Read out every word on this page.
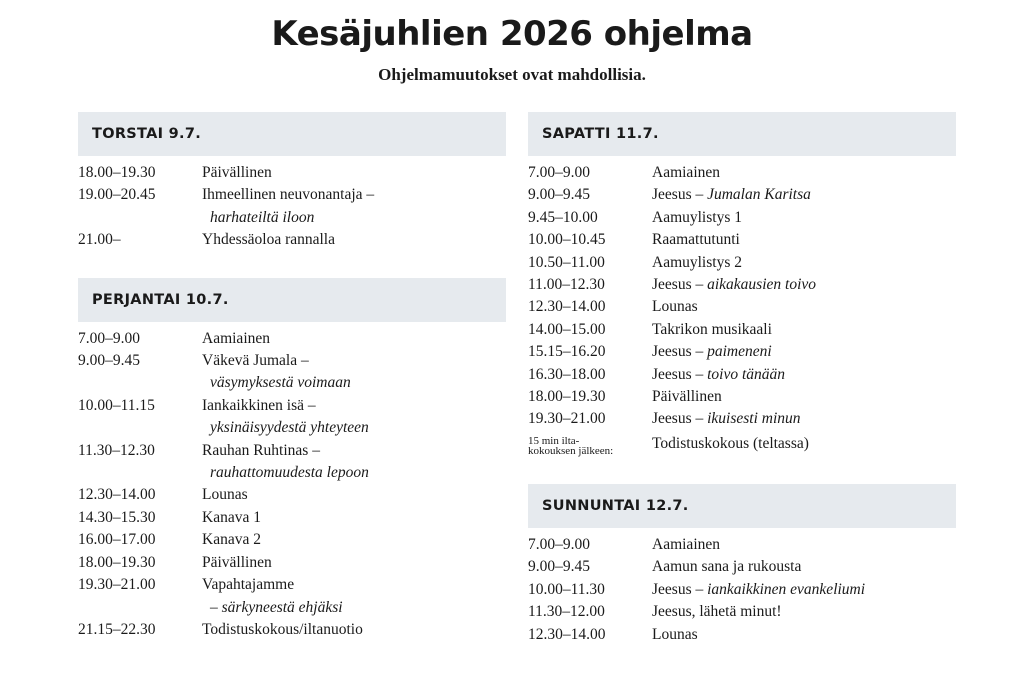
Kesäjuhlien 2026 ohjelma
Ohjelmamuutokset ovat mahdollisia.
TORSTAI 9.7.
18.00–19.30	Päivällinen
19.00–20.45	Ihmeellinen neuvonantaja –
harhateiltä iloon
21.00–	Yhdessäoloa rannalla
PERJANTAI 10.7.
7.00–9.00	Aamiainen
9.00–9.45	Väkevä Jumala –
väsymyksestä voimaan
10.00–11.15	Iankaikkinen isä –
yksinäisyydestä yhteyteen
11.30–12.30	Rauhan Ruhtinas –
rauhattomuudesta lepoon
12.30–14.00	Lounas
14.30–15.30	Kanava 1
16.00–17.00	Kanava 2
18.00–19.30	Päivällinen
19.30–21.00	Vapahtajamme
– särkyneestä ehjäksi
21.15–22.30	Todistuskokous/iltanuotio
SAPATTI 11.7.
7.00–9.00	Aamiainen
9.00–9.45	Jeesus – Jumalan Karitsa
9.45–10.00	Aamuylistys 1
10.00–10.45	Raamattutunti
10.50–11.00	Aamuylistys 2
11.00–12.30	Jeesus – aikakausien toivo
12.30–14.00	Lounas
14.00–15.00	Takrikon musikaali
15.15–16.20	Jeesus – paimeneni
16.30–18.00	Jeesus – toivo tänään
18.00–19.30	Päivällinen
19.30–21.00	Jeesus – ikuisesti minun
15 min ilta-
kokouksen jälkeen:	Todistuskokous (teltassa)
SUNNUNTAI 12.7.
7.00–9.00	Aamiainen
9.00–9.45	Aamun sana ja rukousta
10.00–11.30	Jeesus – iankaikkinen evankeliumi
11.30–12.00	Jeesus, lähetä minut!
12.30–14.00	Lounas
